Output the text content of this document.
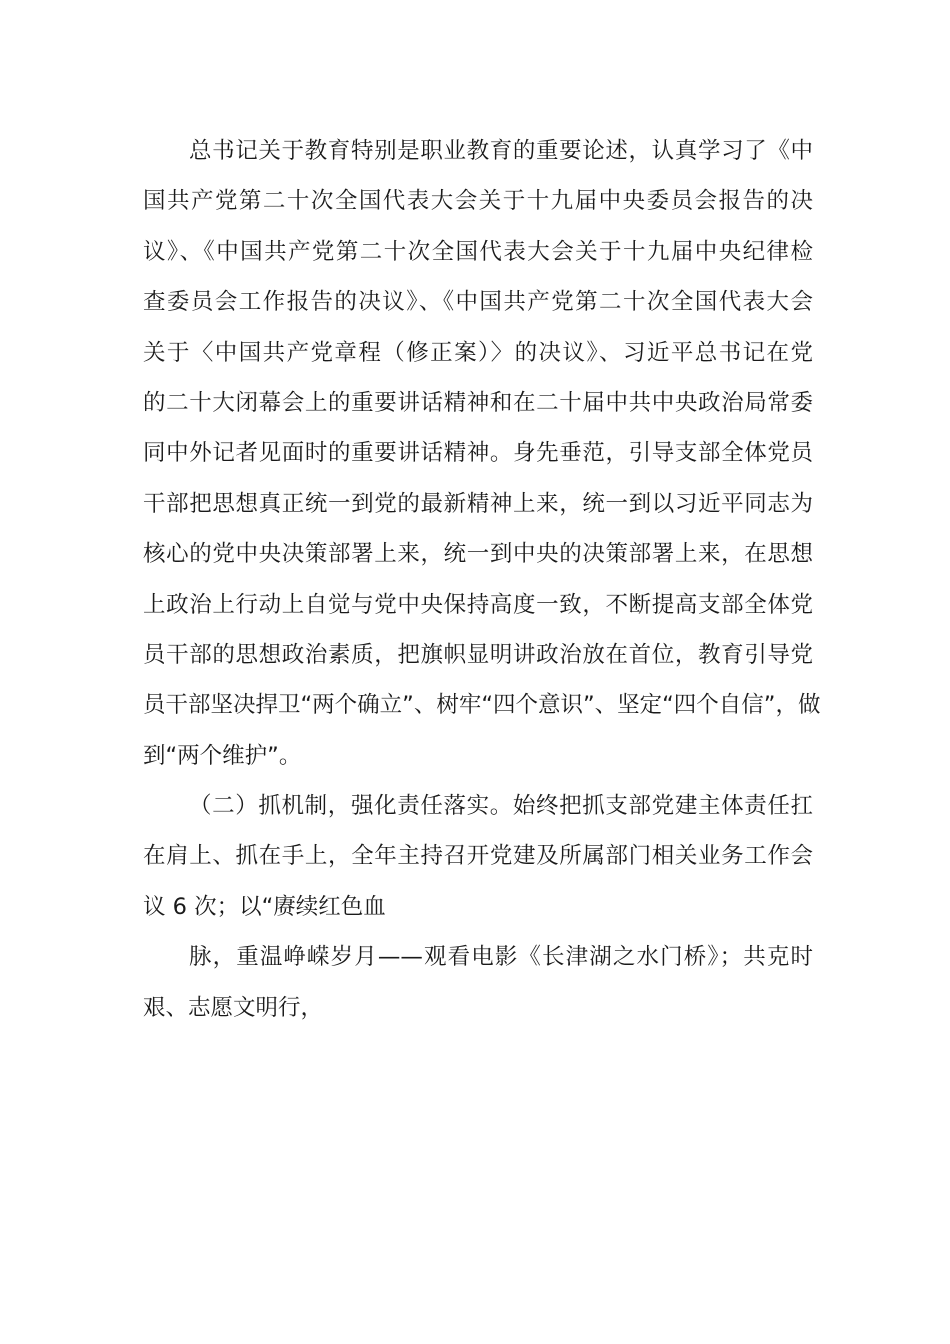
总书记关于教育特别是职业教育的重要论述，认真学习了《中
国共产党第二十次全国代表大会关于十九届中央委员会报告的决
议》、《中国共产党第二十次全国代表大会关于十九届中央纪律检
查委员会工作报告的决议》、《中国共产党第二十次全国代表大会
关于〈中国共产党章程（修正案）〉的决议》、习近平总书记在党
的二十大闭幕会上的重要讲话精神和在二十届中共中央政治局常委
同中外记者见面时的重要讲话精神。身先垂范，引导支部全体党员
干部把思想真正统一到党的最新精神上来，统一到以习近平同志为
核心的党中央决策部署上来，统一到中央的决策部署上来，在思想
上政治上行动上自觉与党中央保持高度一致，不断提高支部全体党
员干部的思想政治素质，把旗帜显明讲政治放在首位，教育引导党
员干部坚决捍卫“两个确立”、树牢“四个意识”、坚定“四个自信”，做
到“两个维护”。
（二）抓机制，强化责任落实。始终把抓支部党建主体责任扛
在肩上、抓在手上，全年主持召开党建及所属部门相关业务工作会
议 6 次；以“赓续红色血
脉，重温峥嵘岁月——观看电影《长津湖之水门桥》；共克时
艰、志愿文明行，
